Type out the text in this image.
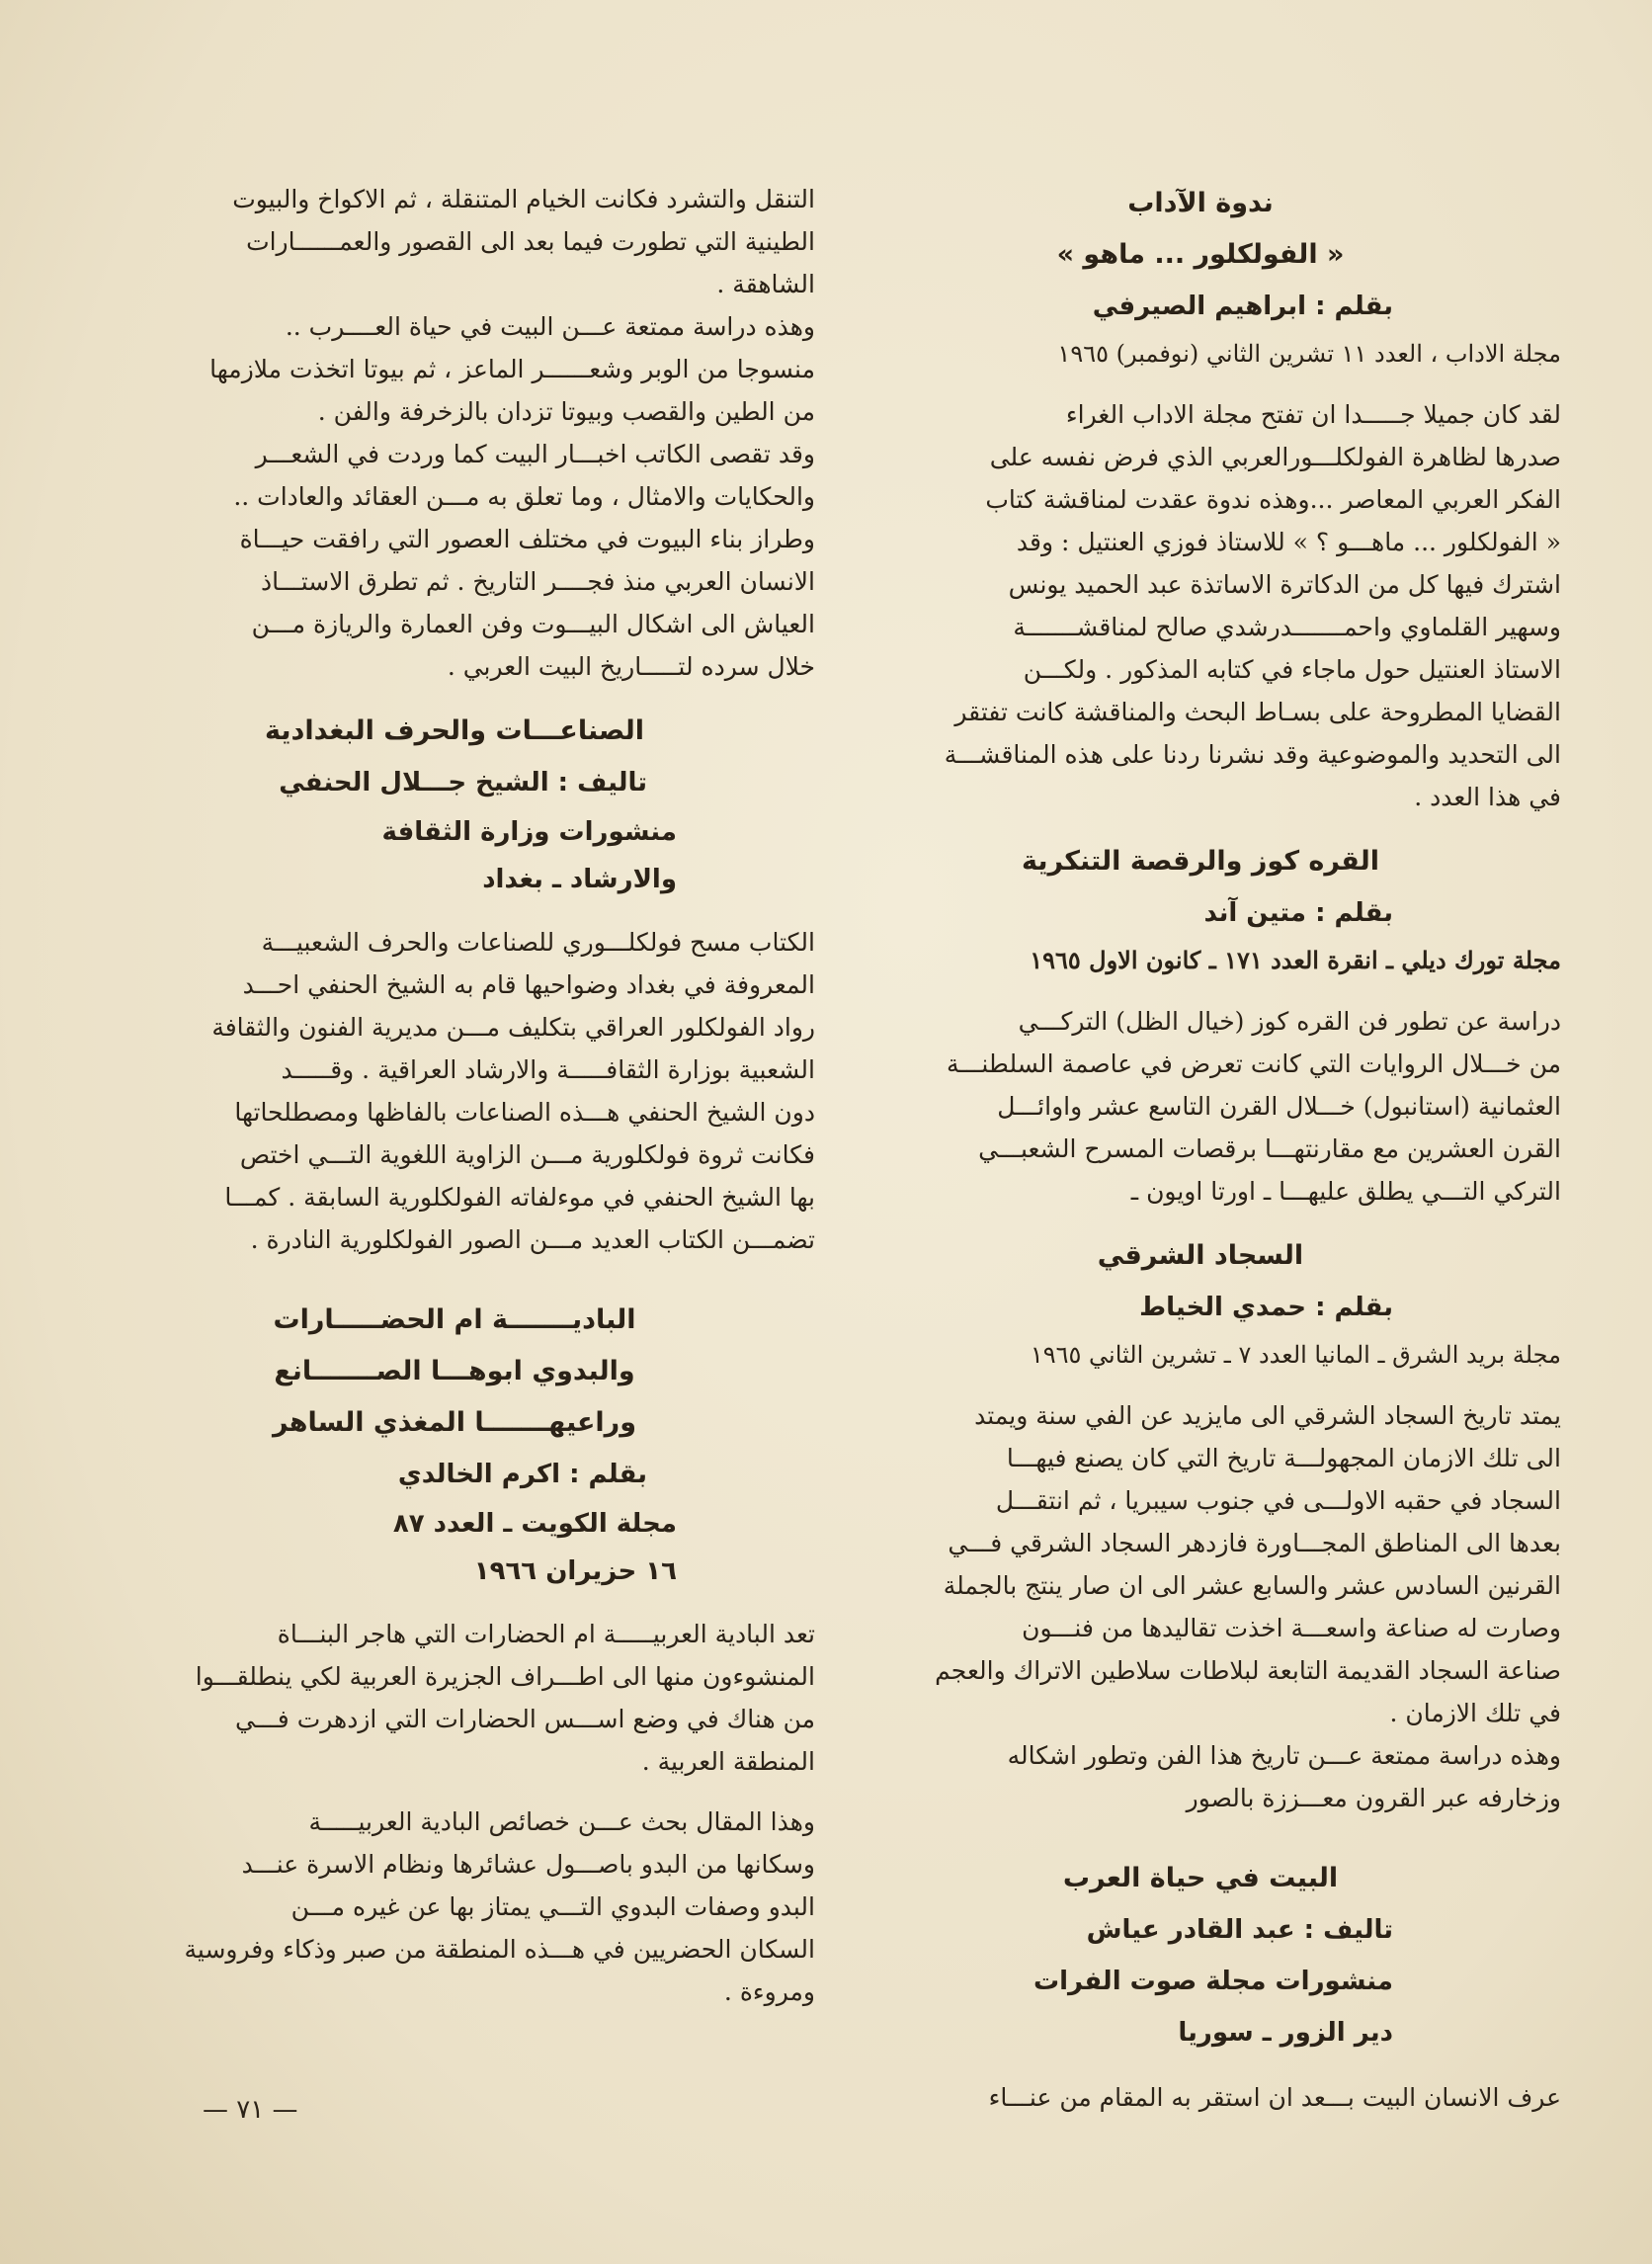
ندوة الآداب

« الفولكلور ... ماهو »

بقلم : ابراهيم الصيرفي

مجلة الاداب ، العدد ١١ تشرين الثاني (نوفمبر) ١٩٦٥

لقد كان جميلا جـــــدا ان تفتح مجلة الاداب الغراء

صدرها لظاهرة الفولكلـــورالعربي الذي فرض نفسه على

الفكر العربي المعاصر ...وهذه ندوة عقدت لمناقشة كتاب

« الفولكلور ... ماهـــو ؟ » للاستاذ فوزي العنتيل : وقد

اشترك فيها كل من الدكاترة الاساتذة عبد الحميد يونس

وسهير القلماوي واحمـــــــدرشدي صالح لمناقشـــــــة

الاستاذ العنتيل حول ماجاء في كتابه المذكور . ولكـــن

القضايا المطروحة على بسـاط البحث والمناقشة كانت تفتقر

الى التحديد والموضوعية وقد نشرنا ردنا على هذه المناقشـــة

في هذا العدد .

القره كوز والرقصة التنكرية

بقلم : متين آند

مجلة تورك ديلي ـ انقرة العدد ١٧١ ـ كانون الاول ١٩٦٥

دراسة عن تطور فن القره كوز (خيال الظل) التركـــي

من خـــلال الروايات التي كانت تعرض في عاصمة السلطنـــة

العثمانية (استانبول) خـــلال القرن التاسع عشر واوائـــل

القرن العشرين مع مقارنتهـــا برقصات المسرح الشعبـــي

التركي التـــي يطلق عليهـــا ـ اورتا اويون ـ

السجاد الشرقي

بقلم : حمدي الخياط

مجلة بريد الشرق ـ المانيا العدد ٧ ـ تشرين الثاني ١٩٦٥

يمتد تاريخ السجاد الشرقي الى مايزيد عن الفي سنة ويمتد

الى تلك الازمان المجهولـــة تاريخ التي كان يصنع فيهـــا

السجاد في حقبه الاولـــى في جنوب سيبريا ، ثم انتقـــل

بعدها الى المناطق المجـــاورة فازدهر السجاد الشرقي فـــي

القرنين السادس عشر والسابع عشر الى ان صار ينتج بالجملة

وصارت له صناعة واسعـــة اخذت تقاليدها من فنـــون

صناعة السجاد القديمة التابعة لبلاطات سلاطين الاتراك والعجم

في تلك الازمان .

وهذه دراسة ممتعة عـــن تاريخ هذا الفن وتطور اشكاله

وزخارفه عبر القرون معـــززة بالصور

البيت في حياة العرب

تاليف : عبد القادر عياش

منشورات مجلة صوت الفرات

دير الزور ـ سوريا

عرف الانسان البيت بـــعد ان استقر به المقام من عنـــاء

التنقل والتشرد فكانت الخيام المتنقلة ، ثم الاكواخ والبيوت

الطينية التي تطورت فيما بعد الى القصور والعمــــــارات

الشاهقة .

وهذه دراسة ممتعة عـــن البيت في حياة العــــرب ..

منسوجا من الوبر وشعــــــر الماعز ، ثم بيوتا اتخذت ملازمها

من الطين والقصب وبيوتا تزدان بالزخرفة والفن .

وقد تقصى الكاتب اخبـــار البيت كما وردت في الشعـــر

والحكايات والامثال ، وما تعلق به مـــن العقائد والعادات ..

وطراز بناء البيوت في مختلف العصور التي رافقت حيـــاة

الانسان العربي منذ فجــــر التاريخ . ثم تطرق الاستـــاذ

العياش الى اشكال البيـــوت وفن العمارة والريازة مـــن

خلال سرده لتـــــاريخ البيت العربي .

الصناعـــات والحرف البغدادية

تاليف : الشيخ جـــلال الحنفي

منشورات وزارة الثقافة

والارشاد ـ بغداد

الكتاب مسح فولكلـــوري للصناعات والحرف الشعبيـــة

المعروفة في بغداد وضواحيها قام به الشيخ الحنفي احـــد

رواد الفولكلور العراقي بتكليف مـــن مديرية الفنون والثقافة

الشعبية بوزارة الثقافـــــة والارشاد العراقية . وقـــــد

دون الشيخ الحنفي هـــذه الصناعات بالفاظها ومصطلحاتها

فكانت ثروة فولكلورية مـــن الزاوية اللغوية التـــي اختص

بها الشيخ الحنفي في موءلفاته الفولكلورية السابقة . كمـــا

تضمـــن الكتاب العديد مـــن الصور الفولكلورية النادرة .

الباديـــــــة ام الحضـــــارات

والبدوي ابوهـــا الصـــــــانع

وراعيهـــــــا المغذي الساهر

بقلم : اكرم الخالدي

مجلة الكويت ـ العدد ٨٧

١٦ حزيران ١٩٦٦

تعد البادية العربيـــــة ام الحضارات التي هاجر البنـــاة

المنشوءون منها الى اطـــراف الجزيرة العربية لكي ينطلقـــوا

من هناك في وضع اســـس الحضارات التي ازدهرت فـــي

المنطقة العربية .

وهذا المقال بحث عـــن خصائص البادية العربيـــــة

وسكانها من البدو باصـــول عشائرها ونظام الاسرة عنـــد

البدو وصفات البدوي التـــي يمتاز بها عن غيره مـــن

السكان الحضريين في هـــذه المنطقة من صبر وذكاء وفروسية

ومروءة .

— ٧١ —
